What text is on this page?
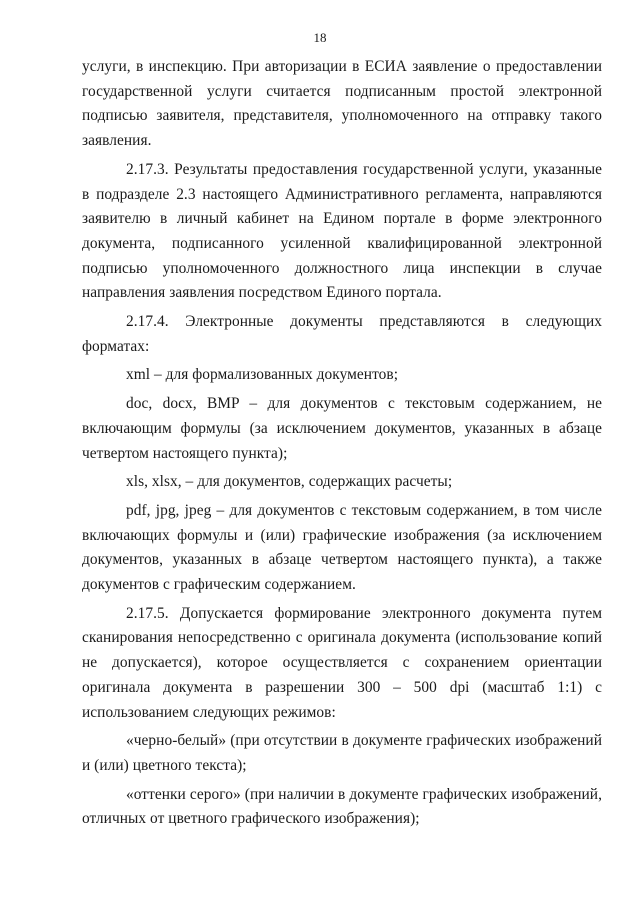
18

услуги, в инспекцию. При авторизации в ЕСИА заявление о предоставлении государственной услуги считается подписанным простой электронной подписью заявителя, представителя, уполномоченного на отправку такого заявления.

2.17.3. Результаты предоставления государственной услуги, указанные в подразделе 2.3 настоящего Административного регламента, направляются заявителю в личный кабинет на Едином портале в форме электронного документа, подписанного усиленной квалифицированной электронной подписью уполномоченного должностного лица инспекции в случае направления заявления посредством Единого портала.

2.17.4. Электронные документы представляются в следующих форматах:

xml – для формализованных документов;

doc, docx, BMP – для документов с текстовым содержанием, не включающим формулы (за исключением документов, указанных в абзаце четвертом настоящего пункта);

xls, xlsx, – для документов, содержащих расчеты;

pdf, jpg, jpeg – для документов с текстовым содержанием, в том числе включающих формулы и (или) графические изображения (за исключением документов, указанных в абзаце четвертом настоящего пункта), а также документов с графическим содержанием.

2.17.5. Допускается формирование электронного документа путем сканирования непосредственно с оригинала документа (использование копий не допускается), которое осуществляется с сохранением ориентации оригинала документа в разрешении 300 – 500 dpi (масштаб 1:1) с использованием следующих режимов:

«черно-белый» (при отсутствии в документе графических изображений и (или) цветного текста);

«оттенки серого» (при наличии в документе графических изображений, отличных от цветного графического изображения);
